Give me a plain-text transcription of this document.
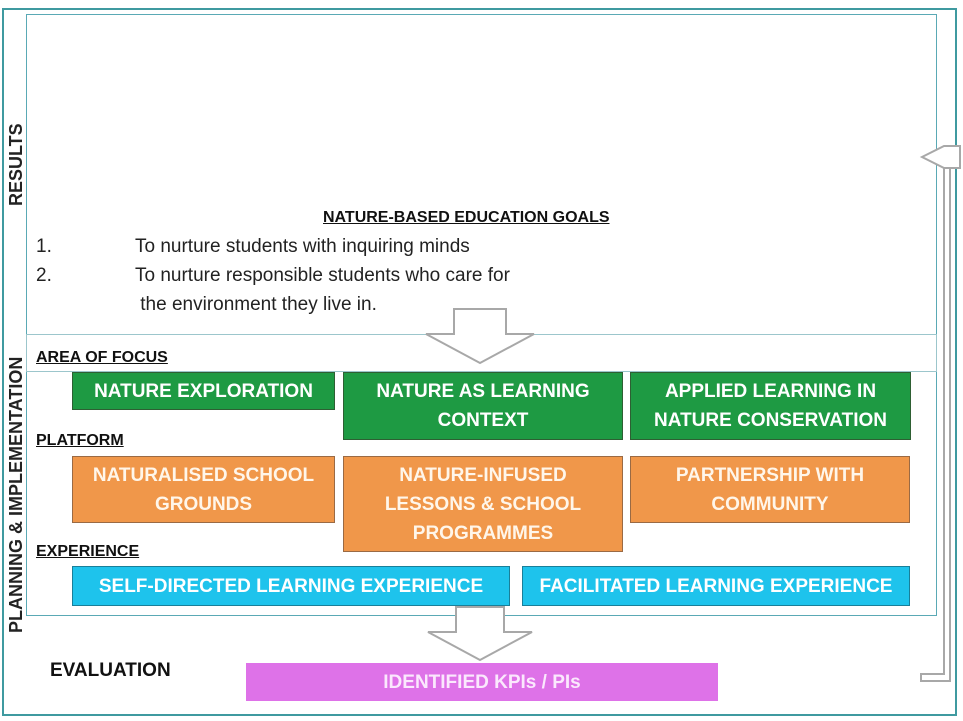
RESULTS
PLANNING & IMPLEMENTATION
NATURE-BASED EDUCATION GOALS
1.	To nurture students with inquiring minds
2.	To nurture responsible students who care for
the environment they live in.
AREA OF FOCUS
PLATFORM
EXPERIENCE
EVALUATION
NATURE EXPLORATION	NATURE AS LEARNING
CONTEXT
APPLIED LEARNING IN
NATURE CONSERVATION
NATURALISED SCHOOL
GROUNDS
NATURE-INFUSED
LESSONS & SCHOOL
PROGRAMMES
PARTNERSHIP WITH
COMMUNITY
SELF-DIRECTED LEARNING EXPERIENCE	FACILITATED LEARNING EXPERIENCE
IDENTIFIED KPIs / PIs
